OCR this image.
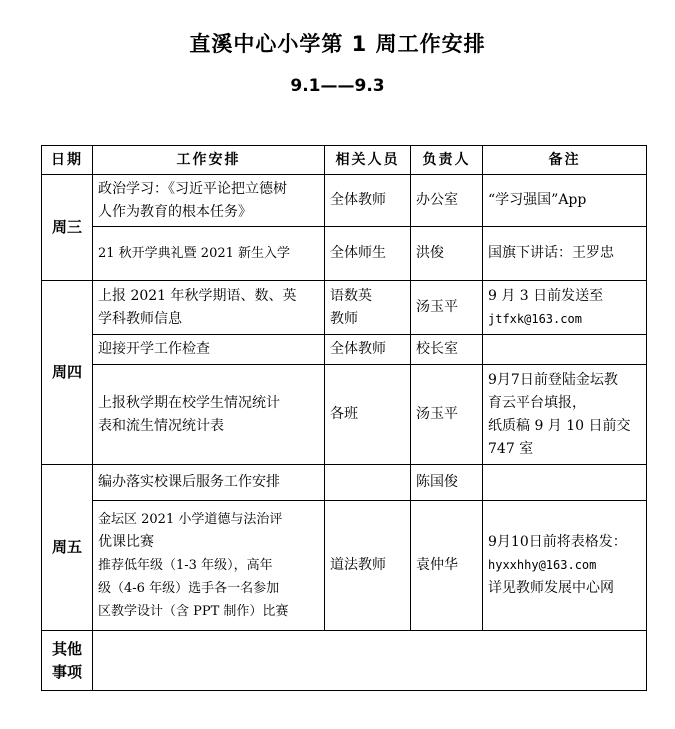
直溪中心小学第 1 周工作安排
9.1——9.3
日期	工作安排	相关人员	负责人	备注
周三	政治学习：《习近平论把立德树
人作为教育的根本任务》	全体教师	办公室	“学习强国”App

	21 秋开学典礼暨 2021 新生入学	全体师生	洪俊	国旗下讲话：王罗忠

周四	上报 2021 年秋学期语、数、英
学科教师信息	语数英
教师	汤玉平	9 月 3 日前发送至
jtfxk@163.com

	迎接开学工作检查	全体教师	校长室	

	上报秋学期在校学生情况统计
表和流生情况统计表	各班	汤玉平	9月7日前登陆金坛教
育云平台填报，
纸质稿 9 月 10 日前交
747 室

周五	编办落实校课后服务工作安排		陈国俊	

	金坛区 2021 小学道德与法治评
优课比赛
推荐低年级（1-3 年级），高年
级（4-6 年级）选手各一名参加
区教学设计（含 PPT 制作）比赛	道法教师	袁仲华	9月10日前将表格发：
hyxxhhy@163.com
详见教师发展中心网

其他
事项				
